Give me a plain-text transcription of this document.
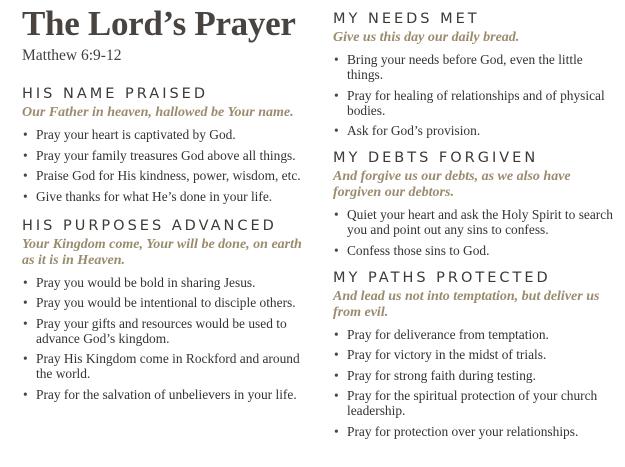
The Lord’s Prayer
Matthew 6:9-12
HIS NAME PRAISED
Our Father in heaven, hallowed be Your name.
• Pray your heart is captivated by God.
• Pray your family treasures God above all things.
• Praise God for His kindness, power, wisdom, etc.
• Give thanks for what He’s done in your life.
HIS PURPOSES ADVANCED
Your Kingdom come, Your will be done, on earth as it is in Heaven.
• Pray you would be bold in sharing Jesus.
• Pray you would be intentional to disciple others.
• Pray your gifts and resources would be used to advance God’s kingdom.
• Pray His Kingdom come in Rockford and around the world.
• Pray for the salvation of unbelievers in your life.
MY NEEDS MET
Give us this day our daily bread.
• Bring your needs before God, even the little things.
• Pray for healing of relationships and of physical bodies.
• Ask for God’s provision.
MY DEBTS FORGIVEN
And forgive us our debts, as we also have forgiven our debtors.
• Quiet your heart and ask the Holy Spirit to search you and point out any sins to confess.
• Confess those sins to God.
MY PATHS PROTECTED
And lead us not into temptation, but deliver us from evil.
• Pray for deliverance from temptation.
• Pray for victory in the midst of trials.
• Pray for strong faith during testing.
• Pray for the spiritual protection of your church leadership.
• Pray for protection over your relationships.
